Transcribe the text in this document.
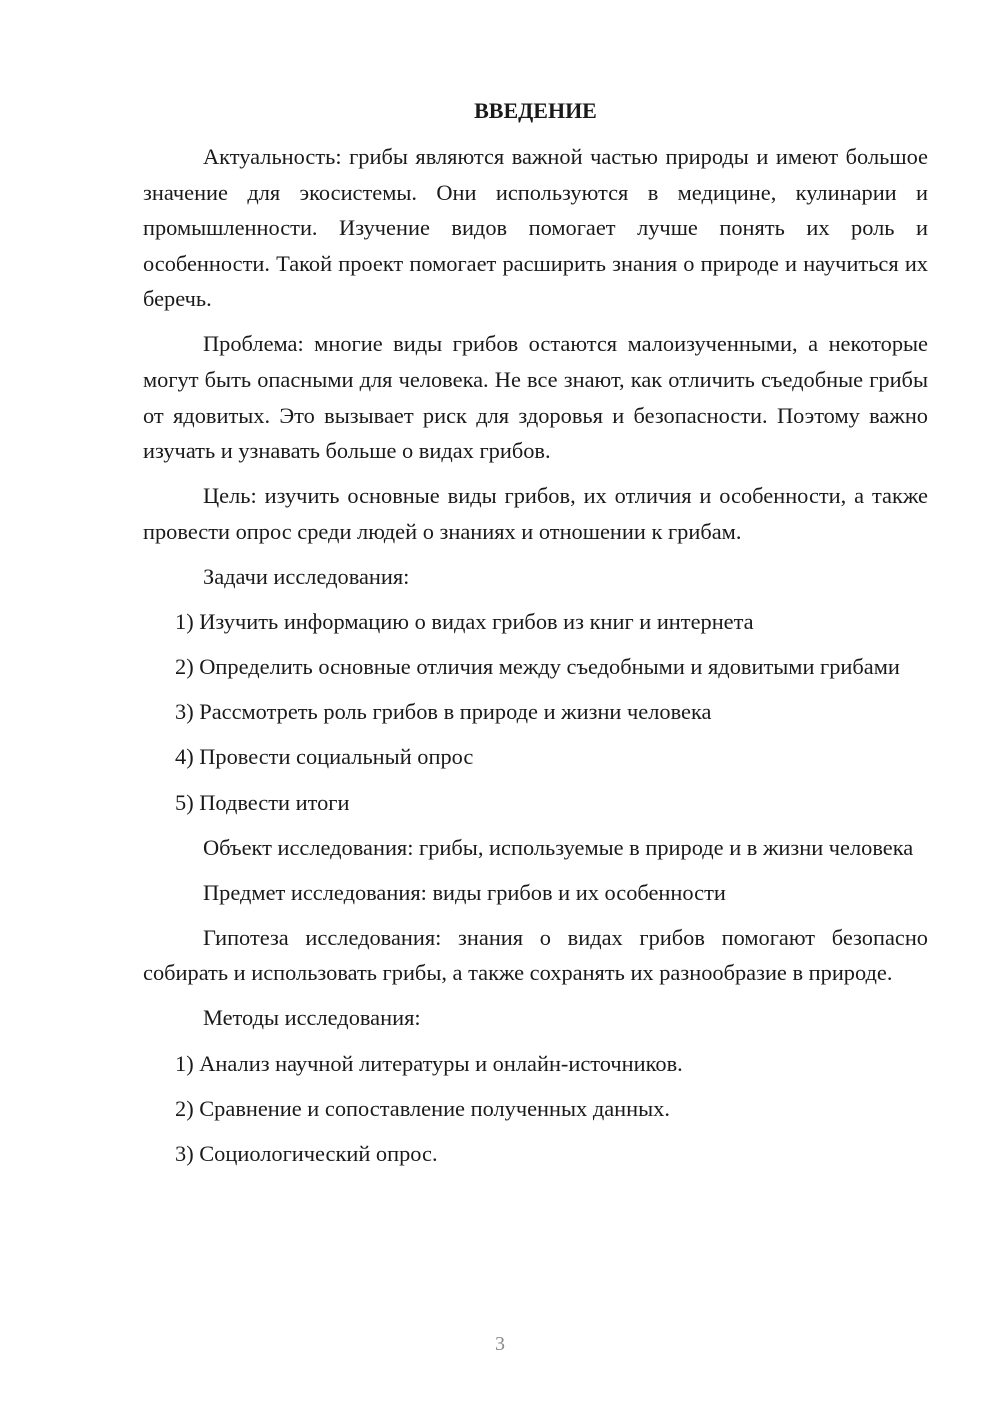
ВВЕДЕНИЕ

Актуальность: грибы являются важной частью природы и имеют большое значение для экосистемы. Они используются в медицине, кулинарии и промышленности. Изучение видов помогает лучше понять их роль и особенности. Такой проект помогает расширить знания о природе и научиться их беречь.

Проблема: многие виды грибов остаются малоизученными, а некоторые могут быть опасными для человека. Не все знают, как отличить съедобные грибы от ядовитых. Это вызывает риск для здоровья и безопасности. Поэтому важно изучать и узнавать больше о видах грибов.

Цель: изучить основные виды грибов, их отличия и особенности, а также провести опрос среди людей о знаниях и отношении к грибам.

Задачи исследования:

1) Изучить информацию о видах грибов из книг и интернета

2) Определить основные отличия между съедобными и ядовитыми грибами

3) Рассмотреть роль грибов в природе и жизни человека

4) Провести социальный опрос

5) Подвести итоги

Объект исследования: грибы, используемые в природе и в жизни человека

Предмет исследования: виды грибов и их особенности

Гипотеза исследования: знания о видах грибов помогают безопасно собирать и использовать грибы, а также сохранять их разнообразие в природе.

Методы исследования:

1) Анализ научной литературы и онлайн-источников.

2) Сравнение и сопоставление полученных данных.

3) Социологический опрос.

3
